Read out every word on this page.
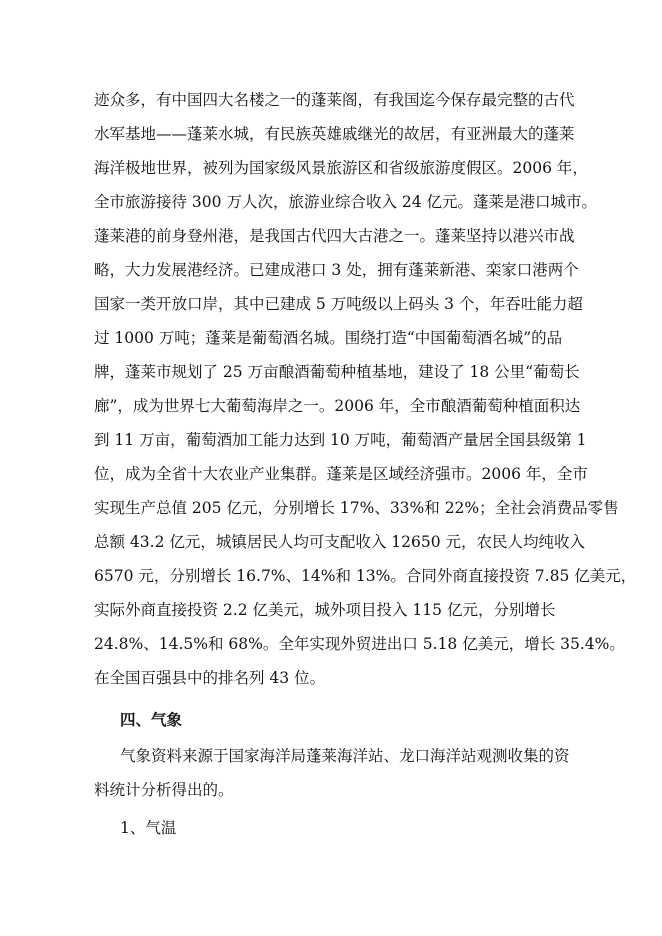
迹众多，有中国四大名楼之一的蓬莱阁，有我国迄今保存最完整的古代
水军基地——蓬莱水城，有民族英雄戚继光的故居，有亚洲最大的蓬莱
海洋极地世界，被列为国家级风景旅游区和省级旅游度假区。2006 年，
全市旅游接待 300 万人次，旅游业综合收入 24 亿元。蓬莱是港口城市。
蓬莱港的前身登州港，是我国古代四大古港之一。蓬莱坚持以港兴市战
略，大力发展港经济。已建成港口 3 处，拥有蓬莱新港、栾家口港两个
国家一类开放口岸，其中已建成 5 万吨级以上码头 3 个，年吞吐能力超
过 1000 万吨；蓬莱是葡萄酒名城。围绕打造“中国葡萄酒名城”的品
牌，蓬莱市规划了 25 万亩酿酒葡萄种植基地，建设了 18 公里“葡萄长
廊”，成为世界七大葡萄海岸之一。2006 年，全市酿酒葡萄种植面积达
到 11 万亩，葡萄酒加工能力达到 10 万吨，葡萄酒产量居全国县级第 1
位，成为全省十大农业产业集群。蓬莱是区域经济强市。2006 年，全市
实现生产总值 205 亿元，分别增长 17%、33%和 22%；全社会消费品零售
总额 43.2 亿元，城镇居民人均可支配收入 12650 元，农民人均纯收入
6570 元，分别增长 16.7%、14%和 13%。合同外商直接投资 7.85 亿美元，
实际外商直接投资 2.2 亿美元，城外项目投入 115 亿元，分别增长
24.8%、14.5%和 68%。全年实现外贸进出口 5.18 亿美元，增长 35.4%。
在全国百强县中的排名列 43 位。
四、气象
气象资料来源于国家海洋局蓬莱海洋站、龙口海洋站观测收集的资
料统计分析得出的。
1、气温
